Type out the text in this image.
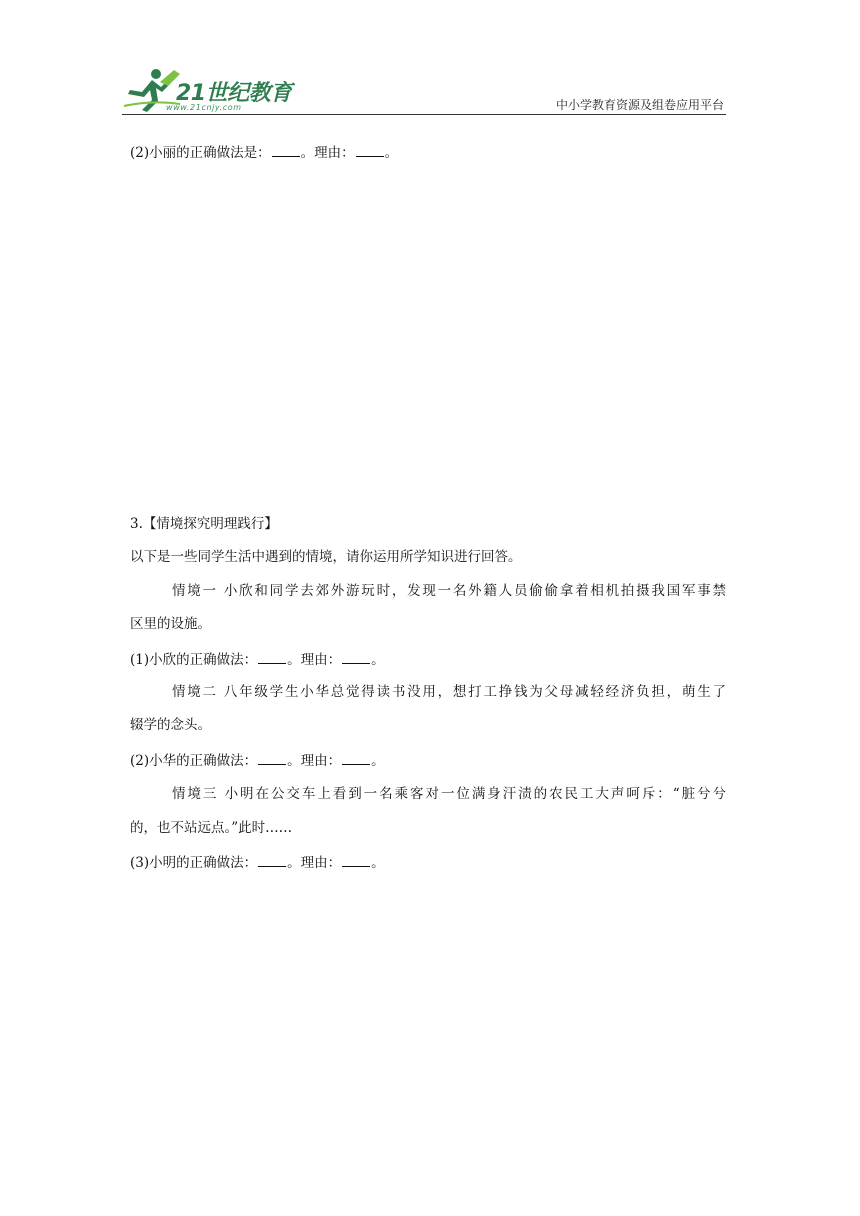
21世纪教育
www.21cnjy.com	中小学教育资源及组卷应用平台
(2)小丽的正确做法是： 。理由： 。
3.【情境探究明理践行】
以下是一些同学生活中遇到的情境，请你运用所学知识进行回答。
情境一 小欣和同学去郊外游玩时，发现一名外籍人员偷偷拿着相机拍摄我国军事禁
区里的设施。
(1)小欣的正确做法： 。理由： 。
情境二 八年级学生小华总觉得读书没用，想打工挣钱为父母减轻经济负担，萌生了
辍学的念头。
(2)小华的正确做法： 。理由： 。
情境三 小明在公交车上看到一名乘客对一位满身汗渍的农民工大声呵斥：“脏兮兮
的，也不站远点。”此时……
(3)小明的正确做法： 。理由： 。
